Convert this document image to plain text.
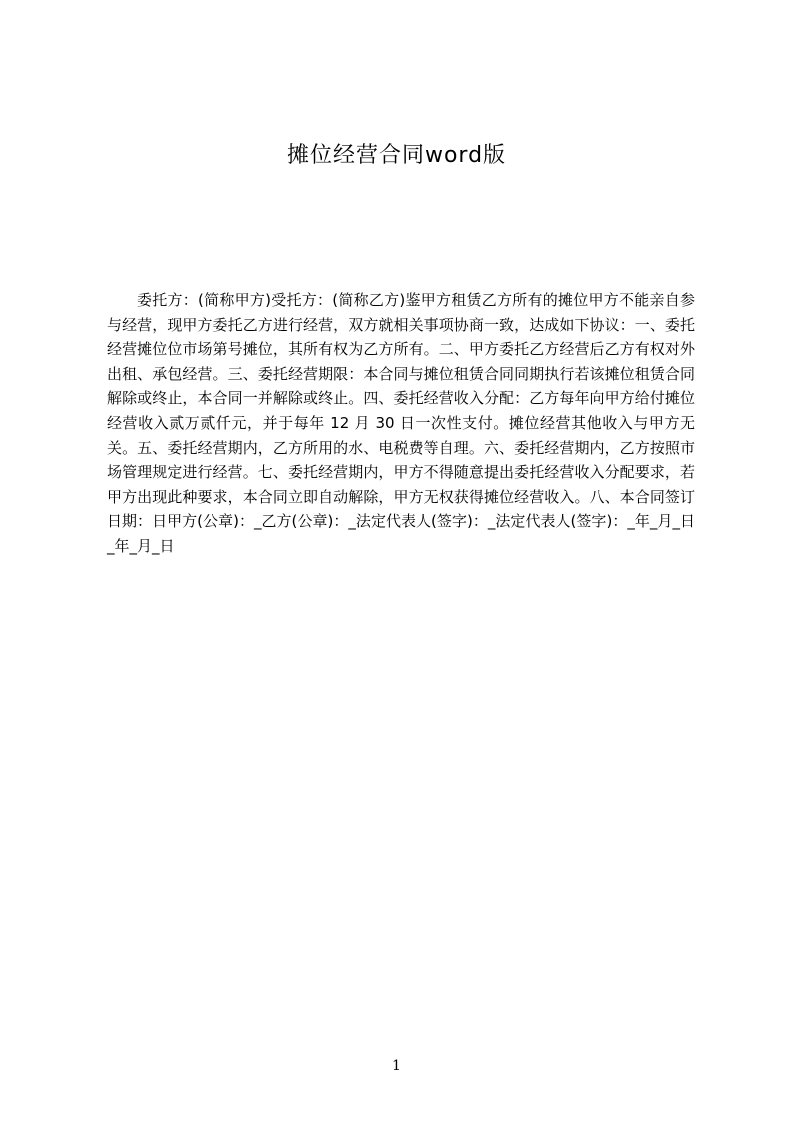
摊位经营合同word版

委托方：(简称甲方)受托方：(简称乙方)鉴甲方租赁乙方所有的摊位甲方不能亲自参与经营，现甲方委托乙方进行经营，双方就相关事项协商一致，达成如下协议：一、委托经营摊位位市场第号摊位，其所有权为乙方所有。二、甲方委托乙方经营后乙方有权对外出租、承包经营。三、委托经营期限：本合同与摊位租赁合同同期执行若该摊位租赁合同解除或终止，本合同一并解除或终止。四、委托经营收入分配：乙方每年向甲方给付摊位经营收入贰万贰仟元，并于每年 12 月 30 日一次性支付。摊位经营其他收入与甲方无关。五、委托经营期内，乙方所用的水、电税费等自理。六、委托经营期内，乙方按照市场管理规定进行经营。七、委托经营期内，甲方不得随意提出委托经营收入分配要求，若甲方出现此种要求，本合同立即自动解除，甲方无权获得摊位经营收入。八、本合同签订日期：日甲方(公章)：_乙方(公章)：_法定代表人(签字)：_法定代表人(签字)：_年_月_日_年_月_日

1
